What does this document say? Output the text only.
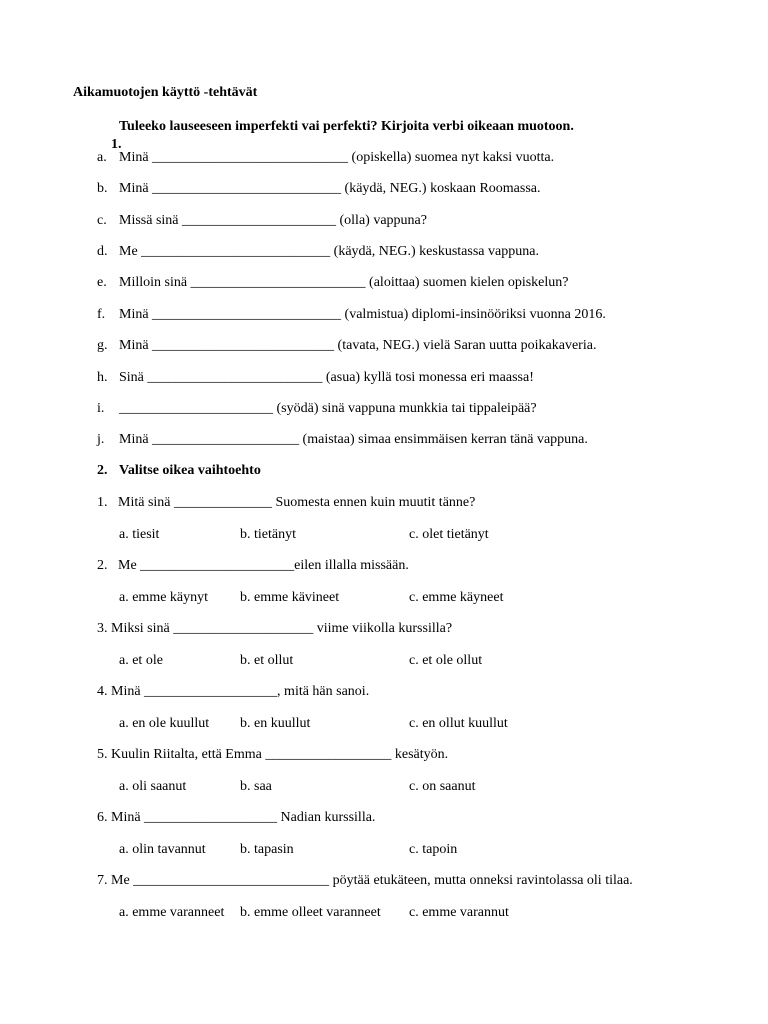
Aikamuotojen käyttö -tehtävät

1.

Tuleeko lauseeseen imperfekti vai perfekti? Kirjoita verbi oikeaan muotoon.
a. Minä ____________________________ (opiskella) suomea nyt kaksi vuotta.
b. Minä ___________________________ (käydä, NEG.) koskaan Roomassa.
c. Missä sinä ______________________ (olla) vappuna?
d. Me ___________________________ (käydä, NEG.) keskustassa vappuna.
e. Milloin sinä _________________________ (aloittaa) suomen kielen opiskelun?
f. Minä ___________________________ (valmistua) diplomi-insinööriksi vuonna 2016.
g. Minä __________________________ (tavata, NEG.) vielä Saran uutta poikakaveria.
h. Sinä _________________________ (asua) kyllä tosi monessa eri maassa!
i. ______________________ (syödä) sinä vappuna munkkia tai tippaleipää?
j. Minä _____________________ (maistaa) simaa ensimmäisen kerran tänä vappuna.
2. Valitse oikea vaihtoehto
1.   Mitä sinä ______________ Suomesta ennen kuin muutit tänne?
a. tiesit	b. tietänyt	c. olet tietänyt
2.   Me ______________________eilen illalla missään.
a. emme käynyt b. emme kävineet	c. emme käyneet
3. Miksi sinä ____________________ viime viikolla kurssilla?
a. et ole	b. et ollut	c. et ole ollut
4. Minä ___________________, mitä hän sanoi.
a. en ole kuullut b. en kuullut	c. en ollut kuullut
5. Kuulin Riitalta, että Emma __________________ kesätyön.
a. oli saanut	b. saa	c. on saanut
6. Minä ___________________ Nadian kurssilla.
a. olin tavannut b. tapasin	c. tapoin
7. Me ____________________________ pöytää etukäteen, mutta onneksi ravintolassa oli tilaa.
a. emme varanneet b. emme olleet varanneet c. emme varannut
